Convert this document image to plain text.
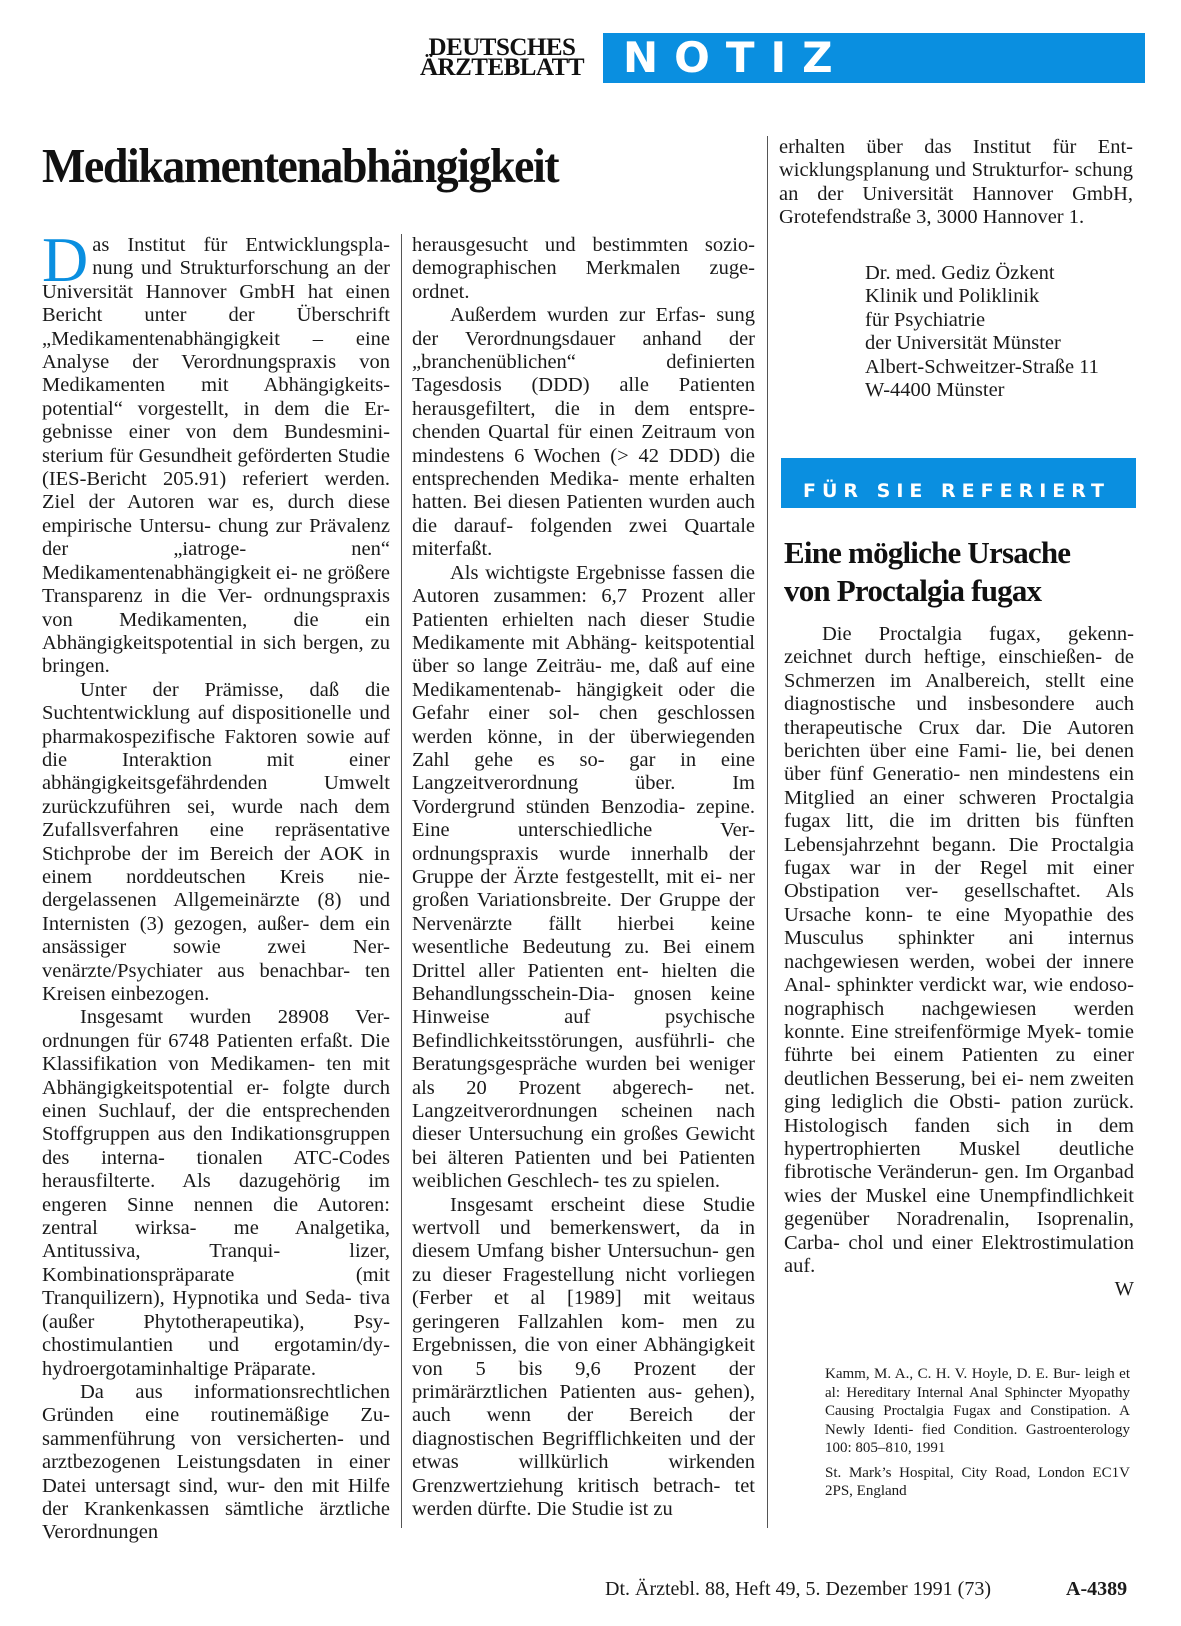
DEUTSCHES
ÄRZTEBLATT NOTIZ
Medikamentenabhängigkeit

Das Institut für Entwicklungspla- nung und Strukturforschung an der Universität Hannover GmbH hat einen Bericht unter der Überschrift „Medikamentenabhängigkeit – eine Analyse der Verordnungspraxis von Medikamenten mit Abhängigkeits- potential“ vorgestellt, in dem die Er- gebnisse einer von dem Bundesmini- sterium für Gesundheit geförderten Studie (IES-Bericht 205.91) referiert werden. Ziel der Autoren war es, durch diese empirische Untersu- chung zur Prävalenz der „iatroge- nen“ Medikamentenabhängigkeit ei- ne größere Transparenz in die Ver- ordnungspraxis von Medikamenten, die ein Abhängigkeitspotential in sich bergen, zu bringen.

Unter der Prämisse, daß die Suchtentwicklung auf dispositionelle und pharmakospezifische Faktoren sowie auf die Interaktion mit einer abhängigkeitsgefährdenden Umwelt zurückzuführen sei, wurde nach dem Zufallsverfahren eine repräsentative Stichprobe der im Bereich der AOK in einem norddeutschen Kreis nie- dergelassenen Allgemeinärzte (8) und Internisten (3) gezogen, außer- dem ein ansässiger sowie zwei Ner- venärzte/Psychiater aus benachbar- ten Kreisen einbezogen.

Insgesamt wurden 28908 Ver- ordnungen für 6748 Patienten erfaßt. Die Klassifikation von Medikamen- ten mit Abhängigkeitspotential er- folgte durch einen Suchlauf, der die entsprechenden Stoffgruppen aus den Indikationsgruppen des interna- tionalen ATC-Codes herausfilterte. Als dazugehörig im engeren Sinne nennen die Autoren: zentral wirksa- me Analgetika, Antitussiva, Tranqui- lizer, Kombinationspräparate (mit Tranquilizern), Hypnotika und Seda- tiva (außer Phytotherapeutika), Psy- chostimulantien und ergotamin/dy- hydroergotaminhaltige Präparate.

Da aus informationsrechtlichen Gründen eine routinemäßige Zu- sammenführung von versicherten- und arztbezogenen Leistungsdaten in einer Datei untersagt sind, wur- den mit Hilfe der Krankenkassen sämtliche ärztliche Verordnungen

herausgesucht und bestimmten sozio- demographischen Merkmalen zuge- ordnet.

Außerdem wurden zur Erfas- sung der Verordnungsdauer anhand der „branchenüblichen“ definierten Tagesdosis (DDD) alle Patienten herausgefiltert, die in dem entspre- chenden Quartal für einen Zeitraum von mindestens 6 Wochen (> 42 DDD) die entsprechenden Medika- mente erhalten hatten. Bei diesen Patienten wurden auch die darauf- folgenden zwei Quartale miterfaßt.

Als wichtigste Ergebnisse fassen die Autoren zusammen: 6,7 Prozent aller Patienten erhielten nach dieser Studie Medikamente mit Abhäng- keitspotential über so lange Zeiträu- me, daß auf eine Medikamentenab- hängigkeit oder die Gefahr einer sol- chen geschlossen werden könne, in der überwiegenden Zahl gehe es so- gar in eine Langzeitverordnung über. Im Vordergrund stünden Benzodia- zepine. Eine unterschiedliche Ver- ordnungspraxis wurde innerhalb der Gruppe der Ärzte festgestellt, mit ei- ner großen Variationsbreite. Der Gruppe der Nervenärzte fällt hierbei keine wesentliche Bedeutung zu. Bei einem Drittel aller Patienten ent- hielten die Behandlungsschein-Dia- gnosen keine Hinweise auf psychische Befindlichkeitsstörungen, ausführli- che Beratungsgespräche wurden bei weniger als 20 Prozent abgerech- net. Langzeitverordnungen scheinen nach dieser Untersuchung ein großes Gewicht bei älteren Patienten und bei Patienten weiblichen Geschlech- tes zu spielen.

Insgesamt erscheint diese Studie wertvoll und bemerkenswert, da in diesem Umfang bisher Untersuchun- gen zu dieser Fragestellung nicht vorliegen (Ferber et al [1989] mit weitaus geringeren Fallzahlen kom- men zu Ergebnissen, die von einer Abhängigkeit von 5 bis 9,6 Prozent der primärärztlichen Patienten aus- gehen), auch wenn der Bereich der diagnostischen Begrifflichkeiten und der etwas willkürlich wirkenden Grenzwertziehung kritisch betrach- tet werden dürfte. Die Studie ist zu

erhalten über das Institut für Ent- wicklungsplanung und Strukturfor- schung an der Universität Hannover GmbH, Grotefendstraße 3, 3000 Hannover 1.

Dr. med. Gediz Özkent
Klinik und Poliklinik
für Psychiatrie
der Universität Münster
Albert-Schweitzer-Straße 11
W-4400 Münster
FÜR SIE REFERIERT
Eine mögliche Ursache
von Proctalgia fugax

Die Proctalgia fugax, gekenn- zeichnet durch heftige, einschießen- de Schmerzen im Analbereich, stellt eine diagnostische und insbesondere auch therapeutische Crux dar. Die Autoren berichten über eine Fami- lie, bei denen über fünf Generatio- nen mindestens ein Mitglied an einer schweren Proctalgia fugax litt, die im dritten bis fünften Lebensjahrzehnt begann. Die Proctalgia fugax war in der Regel mit einer Obstipation ver- gesellschaftet. Als Ursache konn- te eine Myopathie des Musculus sphinkter ani internus nachgewiesen werden, wobei der innere Anal- sphinkter verdickt war, wie endoso- nographisch nachgewiesen werden konnte. Eine streifenförmige Myek- tomie führte bei einem Patienten zu einer deutlichen Besserung, bei ei- nem zweiten ging lediglich die Obsti- pation zurück. Histologisch fanden sich in dem hypertrophierten Muskel deutliche fibrotische Veränderun- gen. Im Organbad wies der Muskel eine Unempfindlichkeit gegenüber Noradrenalin, Isoprenalin, Carba- chol und einer Elektrostimulation auf.

W

Kamm, M. A., C. H. V. Hoyle, D. E. Bur- leigh et al: Hereditary Internal Anal Sphincter Myopathy Causing Proctalgia Fugax and Constipation. A Newly Identi- fied Condition. Gastroenterology 100: 805–810, 1991

St. Mark’s Hospital, City Road, London EC1V 2PS, England

Dt. Ärztebl. 88, Heft 49, 5. Dezember 1991 (73)	A-4389
